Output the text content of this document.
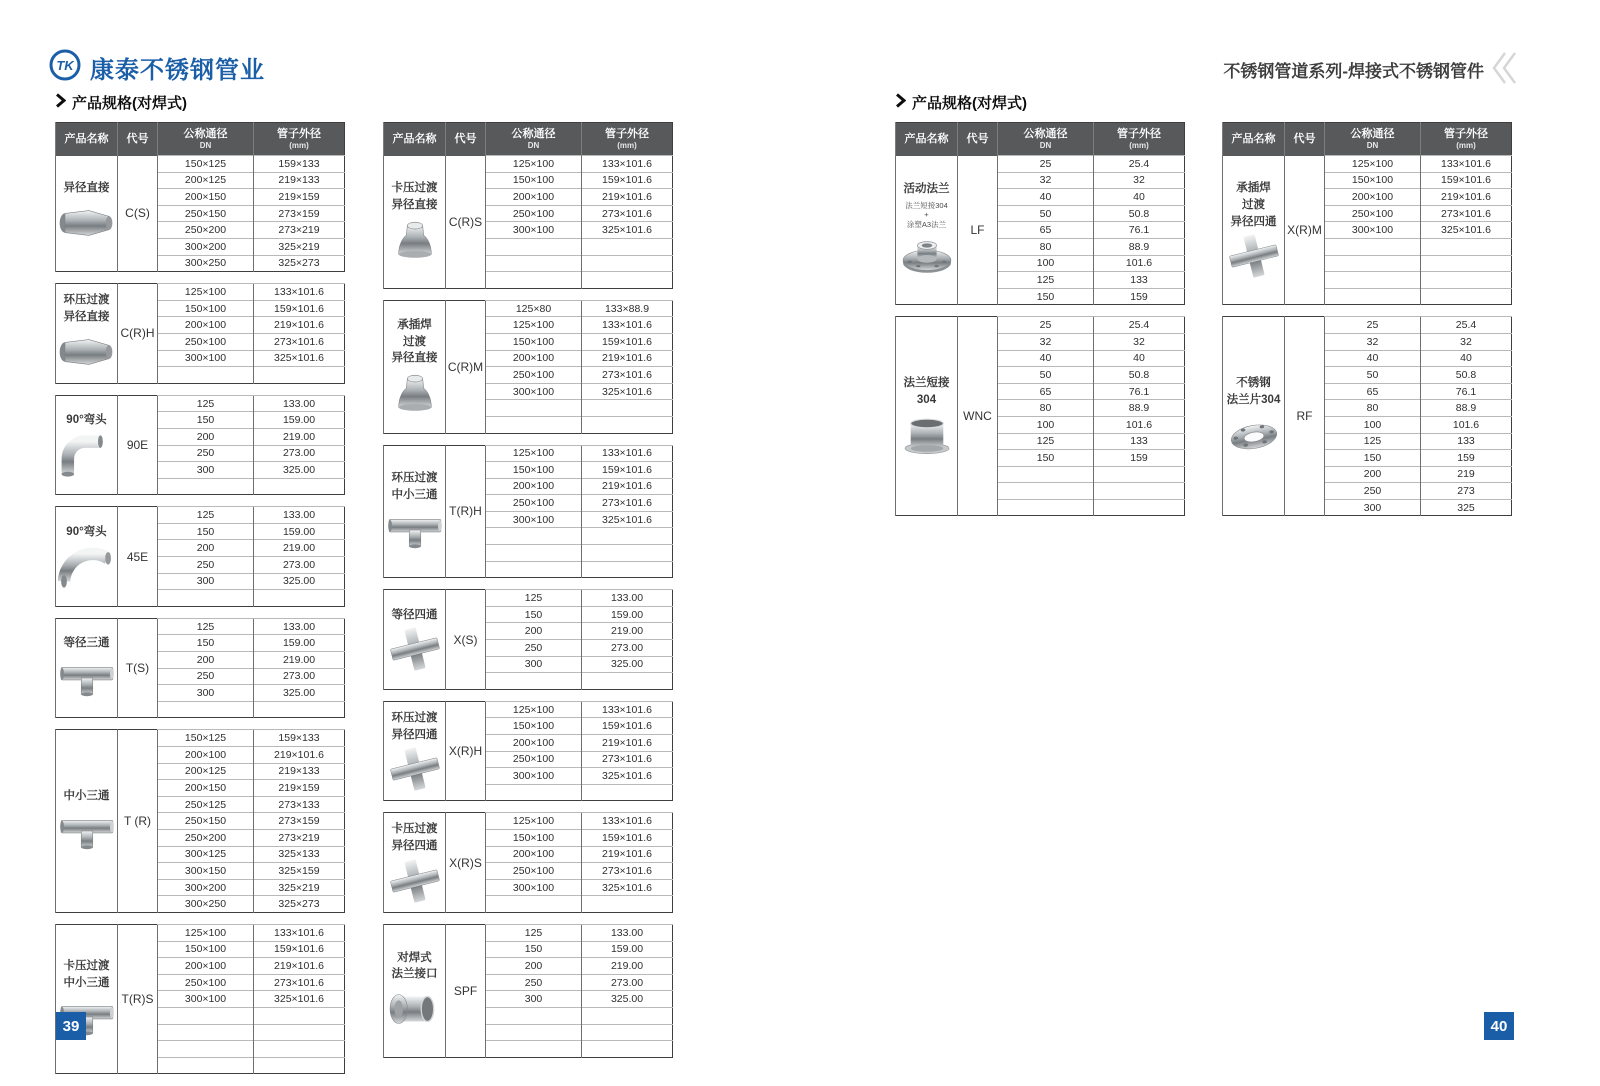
TK 康泰不锈钢管业	不锈钢管道系列-焊接式不锈钢管件
产品规格(对焊式)	产品规格(对焊式)
产品名称	代号	公称通径
DN	管子外径
(mm)

异径直接	C(S)	150×125	159×133
		200×125	219×133
		200×150	219×159
		250×150	273×159
		250×200	273×219
		300×200	325×219
		300×250	325×273
环压过渡
异径直接	C(R)H	125×100	133×101.6
		150×100	159×101.6
		200×100	219×101.6
		250×100	273×101.6
		300×100	325×101.6

90°弯头	90E	125	133.00
		150	159.00
		200	219.00
		250	273.00
		300	325.00

90°弯头	45E	125	133.00
		150	159.00
		200	219.00
		250	273.00
		300	325.00

等径三通	T(S)	125	133.00
		150	159.00
		200	219.00
		250	273.00
		300	325.00

中小三通	T (R)	150×125	159×133
		200×100	219×101.6
		200×125	219×133
		200×150	219×159
		250×125	273×133
		250×150	273×159
		250×200	273×219
		300×125	325×133
		300×150	325×159
		300×200	325×219
		300×250	325×273
卡压过渡
中小三通	T(R)S	125×100	133×101.6
		150×100	159×101.6
		200×100	219×101.6
		250×100	273×101.6
		300×100	325×101.6

产品名称	代号	公称通径
DN	管子外径
(mm)

卡压过渡
异径直接	C(R)S	125×100	133×101.6
		150×100	159×101.6
		200×100	219×101.6
		250×100	273×101.6
		300×100	325×101.6

承插焊
过渡
异径直接	C(R)M	125×80	133×88.9
		125×100	133×101.6
		150×100	159×101.6
		200×100	219×101.6
		250×100	273×101.6
		300×100	325×101.6

环压过渡
中小三通	T(R)H	125×100	133×101.6
		150×100	159×101.6
		200×100	219×101.6
		250×100	273×101.6
		300×100	325×101.6

等径四通	X(S)	125	133.00
		150	159.00
		200	219.00
		250	273.00
		300	325.00

环压过渡
异径四通	X(R)H	125×100	133×101.6
		150×100	159×101.6
		200×100	219×101.6
		250×100	273×101.6
		300×100	325×101.6

卡压过渡
异径四通	X(R)S	125×100	133×101.6
		150×100	159×101.6
		200×100	219×101.6
		250×100	273×101.6
		300×100	325×101.6

对焊式
法兰接口	SPF	125	133.00
		150	159.00
		200	219.00
		250	273.00
		300	325.00

产品名称	代号	公称通径
DN	管子外径
(mm)

活动法兰
法兰短接304
+
涂塑A3法兰	LF	25	25.4
		32	32
		40	40
		50	50.8
		65	76.1
		80	88.9
		100	101.6
		125	133
		150	159
法兰短接
304	WNC	25	25.4
		32	32
		40	40
		50	50.8
		65	76.1
		80	88.9
		100	101.6
		125	133
		150	159

产品名称	代号	公称通径
DN	管子外径
(mm)

承插焊
过渡
异径四通	X(R)M	125×100	133×101.6
		150×100	159×101.6
		200×100	219×101.6
		250×100	273×101.6
		300×100	325×101.6

不锈钢
法兰片304	RF	25	25.4
		32	32
		40	40
		50	50.8
		65	76.1
		80	88.9
		100	101.6
		125	133
		150	159
		200	219
		250	273
		300	325
39	40
